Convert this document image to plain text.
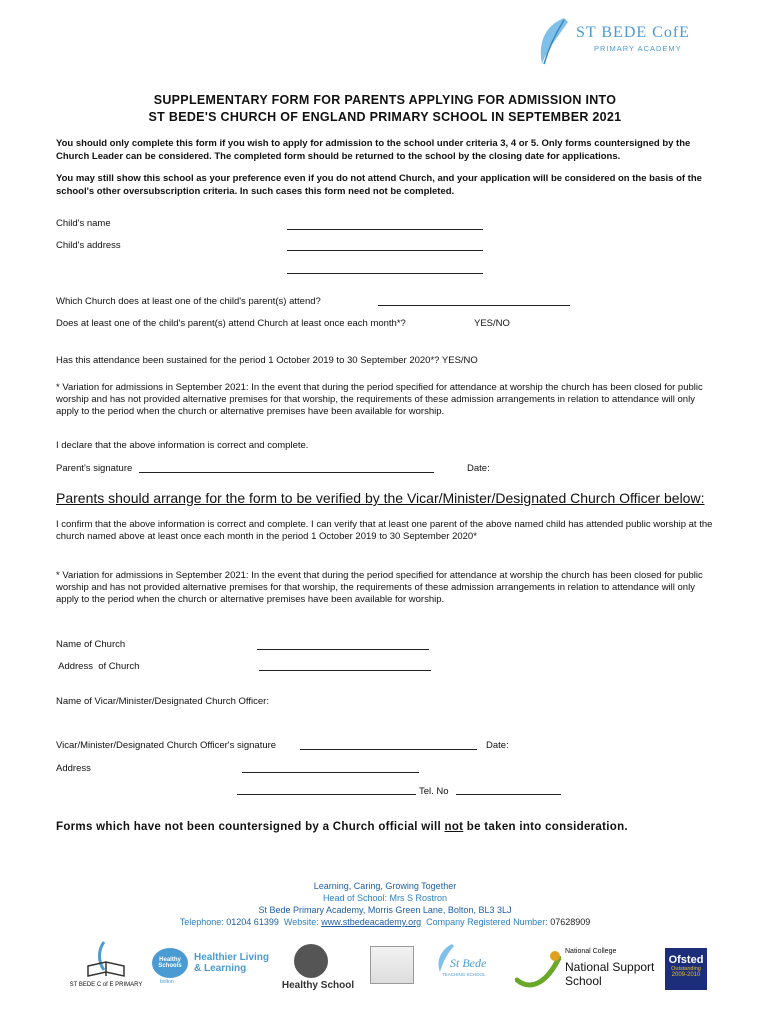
ST BEDE CofE
PRIMARY ACADEMY
SUPPLEMENTARY FORM FOR PARENTS APPLYING FOR ADMISSION INTO
ST BEDE'S CHURCH OF ENGLAND PRIMARY SCHOOL IN SEPTEMBER 2021
You should only complete this form if you wish to apply for admission to the school under criteria 3, 4 or 5. Only forms countersigned by the Church Leader can be considered. The completed form should be returned to the school by the closing date for applications.
You may still show this school as your preference even if you do not attend Church, and your application will be considered on the basis of the school's other oversubscription criteria. In such cases this form need not be completed.
Child's name
Child's address
Which Church does at least one of the child's parent(s) attend?
Does at least one of the child's parent(s) attend Church at least once each month*?	YES/NO
Has this attendance been sustained for the period 1 October 2019 to 30 September 2020*? YES/NO
* Variation for admissions in September 2021: In the event that during the period specified for attendance at worship the church has been closed for public worship and has not provided alternative premises for that worship, the requirements of these admission arrangements in relation to attendance will only apply to the period when the church or alternative premises have been available for worship.
I declare that the above information is correct and complete.
Parent's signature	Date:
Parents should arrange for the form to be verified by the Vicar/Minister/Designated Church Officer below:
I confirm that the above information is correct and complete. I can verify that at least one parent of the above named child has attended public worship at the church named above at least once each month in the period 1 October 2019 to 30 September 2020*
* Variation for admissions in September 2021: In the event that during the period specified for attendance at worship the church has been closed for public worship and has not provided alternative premises for that worship, the requirements of these admission arrangements in relation to attendance will only apply to the period when the church or alternative premises have been available for worship.
Name of Church
Address  of Church
Name of Vicar/Minister/Designated Church Officer:
Vicar/Minister/Designated Church Officer's signature	Date:
Address
Tel. No
Forms which have not been countersigned by a Church official will not be taken into consideration.
Learning, Caring, Growing Together
Head of School: Mrs S Rostron
St Bede Primary Academy, Morris Green Lane, Bolton, BL3 3LJ
Telephone: 01204 61399 Website: www.stbedeacademy.org Company Registered Number: 07628909
ST BEDE C of E PRIMARY
Healthy Schools
Healthier Living
& Learning
bolton	Healthy School
St Bede
TEACHING SCHOOL
National College
National Support
School
Ofsted
Outstanding
2009-2010
